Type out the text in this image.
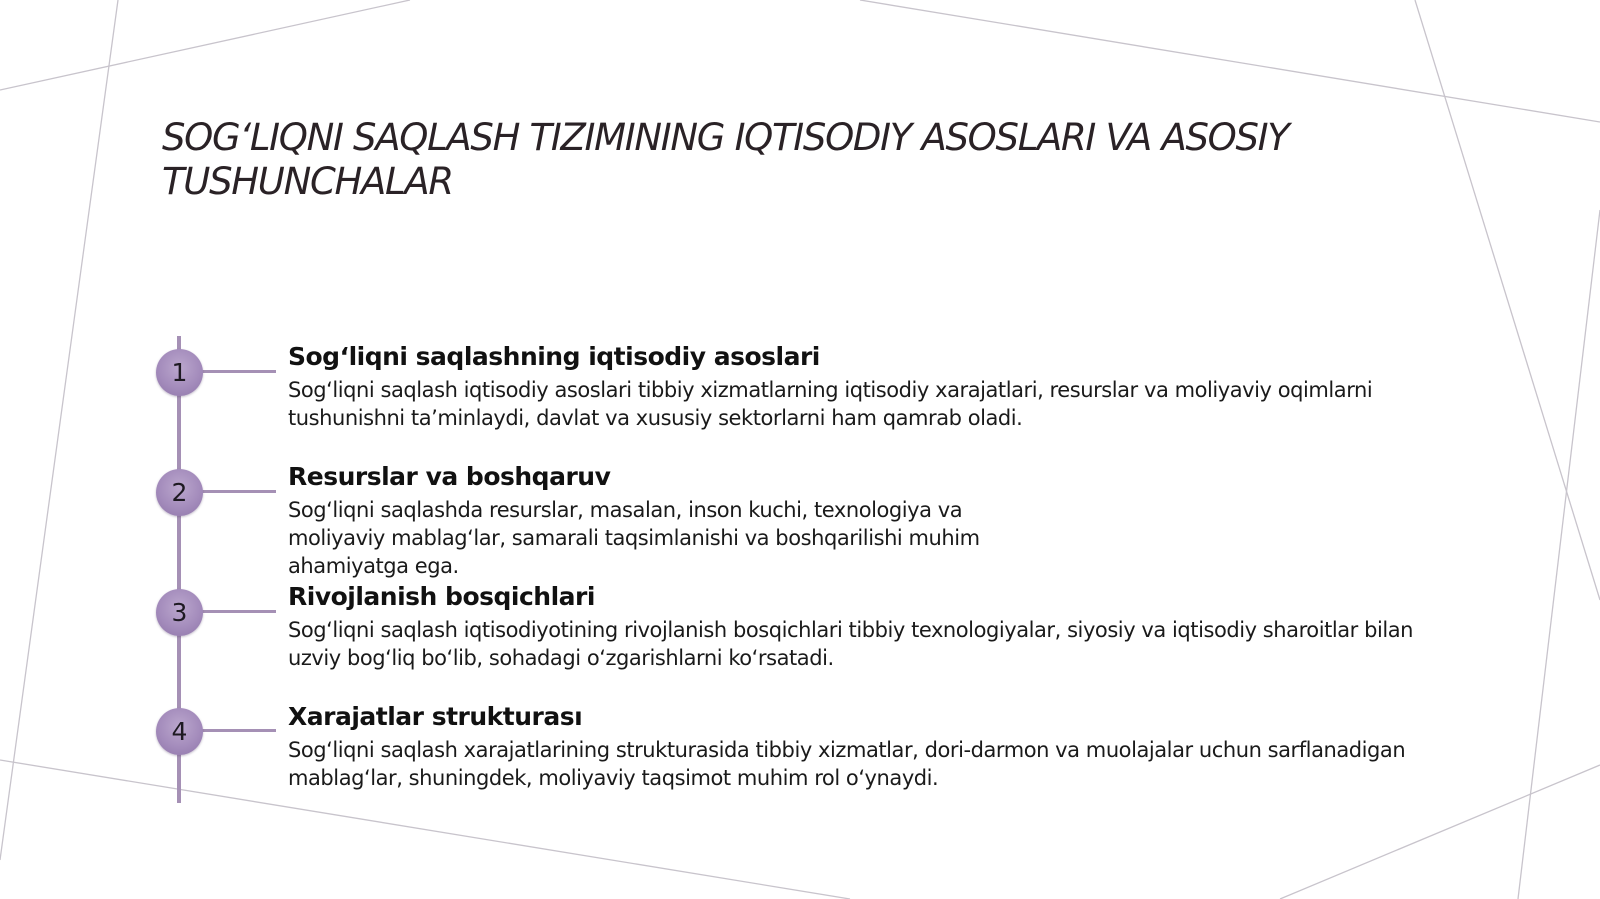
SOG‘LIQNI SAQLASH TIZIMINING IQTISODIY ASOSLARI VA ASOSIY TUSHUNCHALAR
1
Sog‘liqni saqlashning iqtisodiy asoslari

Sog‘liqni saqlash iqtisodiy asoslari tibbiy xizmatlarning iqtisodiy xarajatlari, resurslar va moliyaviy oqimlarni tushunishni ta’minlaydi, davlat va xususiy sektorlarni ham qamrab oladi.

2
Resurslar va boshqaruv

Sog‘liqni saqlashda resurslar, masalan, inson kuchi, texnologiya va moliyaviy mablag‘lar, samarali taqsimlanishi va boshqarilishi muhim ahamiyatga ega.

3
Rivojlanish bosqichlari

Sog‘liqni saqlash iqtisodiyotining rivojlanish bosqichlari tibbiy texnologiyalar, siyosiy va iqtisodiy sharoitlar bilan uzviy bog‘liq bo‘lib, sohadagi o‘zgarishlarni ko‘rsatadi.

4
Xarajatlar strukturası

Sog‘liqni saqlash xarajatlarining strukturasida tibbiy xizmatlar, dori-darmon va muolajalar uchun sarflanadigan mablag‘lar, shuningdek, moliyaviy taqsimot muhim rol o‘ynaydi.
